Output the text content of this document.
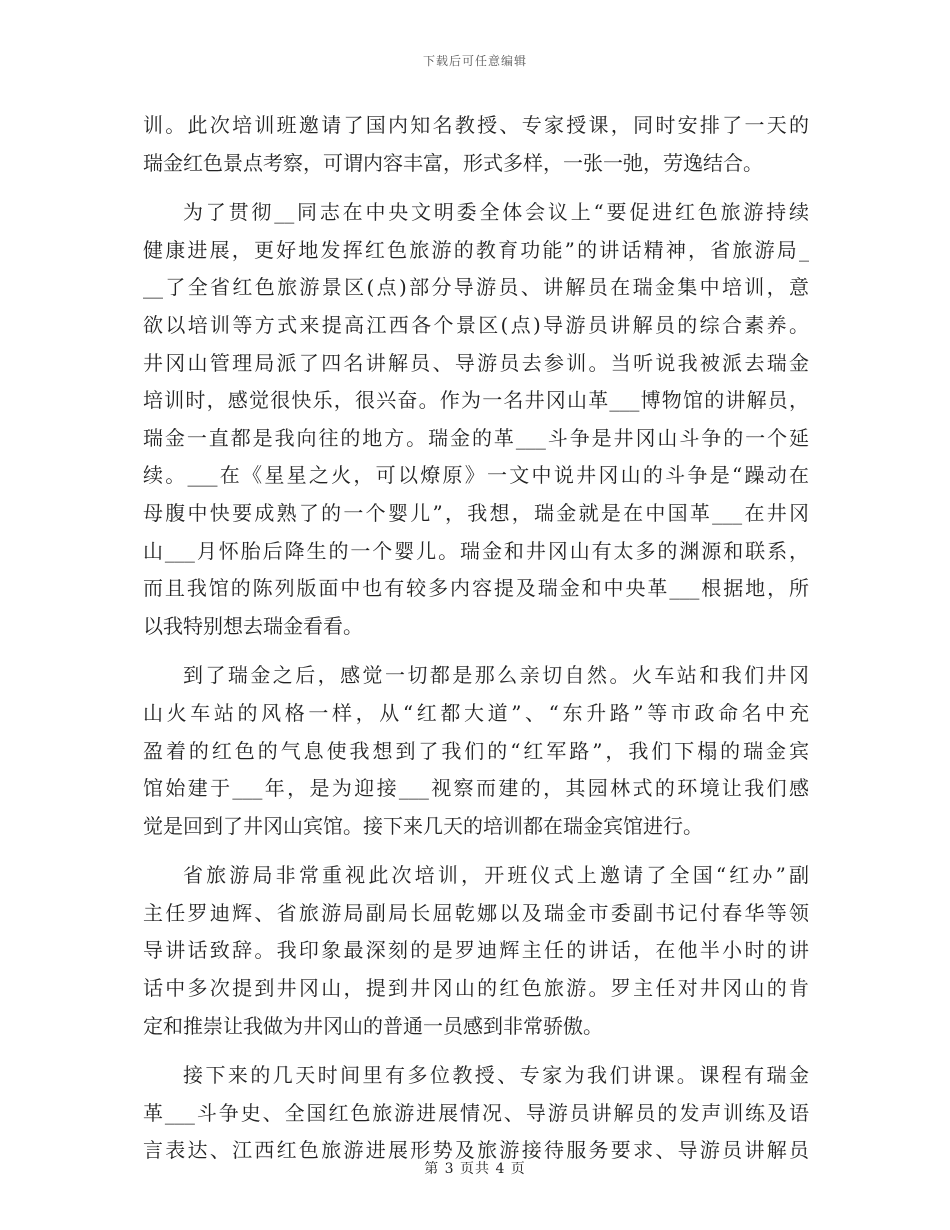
下载后可任意编辑
训。此次培训班邀请了国内知名教授、专家授课，同时安排了一天的
瑞金红色景点考察，可谓内容丰富，形式多样，一张一弛，劳逸结合。
为了贯彻__同志在中央文明委全体会议上“要促进红色旅游持续
健康进展，更好地发挥红色旅游的教育功能”的讲话精神，省旅游局_
__了全省红色旅游景区(点)部分导游员、讲解员在瑞金集中培训，意
欲以培训等方式来提高江西各个景区(点)导游员讲解员的综合素养。
井冈山管理局派了四名讲解员、导游员去参训。当听说我被派去瑞金
培训时，感觉很快乐，很兴奋。作为一名井冈山革___博物馆的讲解员，
瑞金一直都是我向往的地方。瑞金的革___斗争是井冈山斗争的一个延
续。___在《星星之火，可以燎原》一文中说井冈山的斗争是“躁动在
母腹中快要成熟了的一个婴儿”，我想，瑞金就是在中国革___在井冈
山___月怀胎后降生的一个婴儿。瑞金和井冈山有太多的渊源和联系，
而且我馆的陈列版面中也有较多内容提及瑞金和中央革___根据地，所
以我特别想去瑞金看看。
到了瑞金之后，感觉一切都是那么亲切自然。火车站和我们井冈
山火车站的风格一样，从“红都大道”、“东升路”等市政命名中充
盈着的红色的气息使我想到了我们的“红军路”，我们下榻的瑞金宾
馆始建于___年，是为迎接___视察而建的，其园林式的环境让我们感
觉是回到了井冈山宾馆。接下来几天的培训都在瑞金宾馆进行。
省旅游局非常重视此次培训，开班仪式上邀请了全国“红办”副
主任罗迪辉、省旅游局副局长屈乾娜以及瑞金市委副书记付春华等领
导讲话致辞。我印象最深刻的是罗迪辉主任的讲话，在他半小时的讲
话中多次提到井冈山，提到井冈山的红色旅游。罗主任对井冈山的肯
定和推崇让我做为井冈山的普通一员感到非常骄傲。
接下来的几天时间里有多位教授、专家为我们讲课。课程有瑞金
革___斗争史、全国红色旅游进展情况、导游员讲解员的发声训练及语
言表达、江西红色旅游进展形势及旅游接待服务要求、导游员讲解员
第 3 页共 4 页
